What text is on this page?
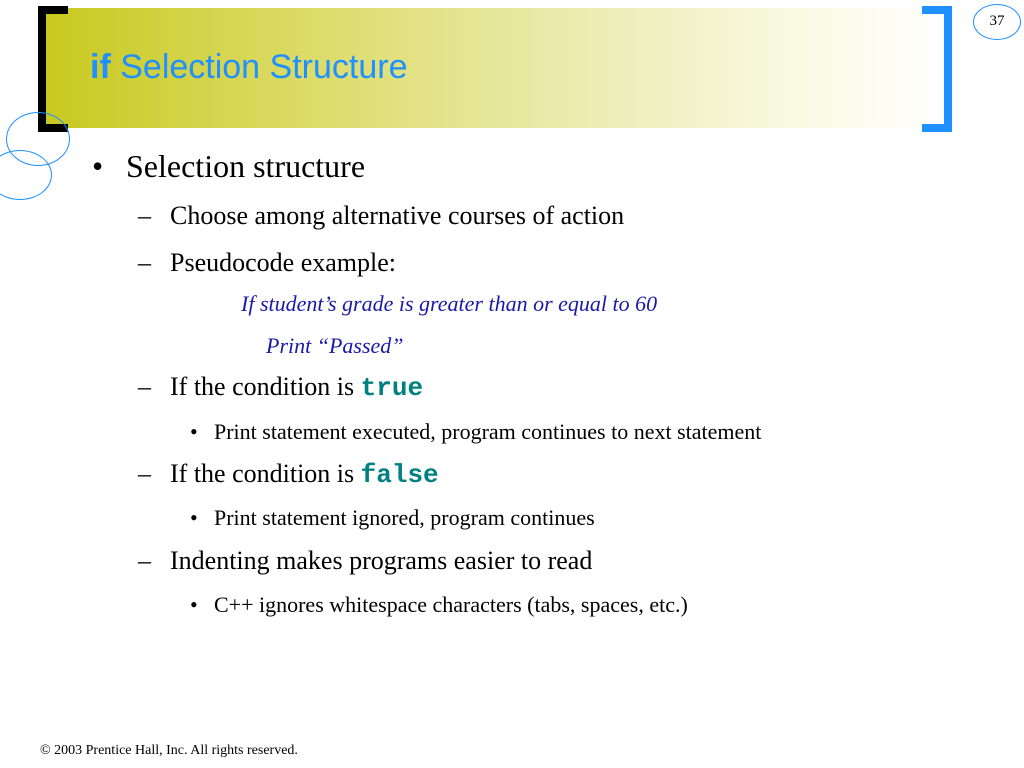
if Selection Structure
37
• Selection structure
– Choose among alternative courses of action
– Pseudocode example:
If student’s grade is greater than or equal to 60
Print “Passed”
– If the condition is true
• Print statement executed, program continues to next statement
– If the condition is false
• Print statement ignored, program continues
– Indenting makes programs easier to read
• C++ ignores whitespace characters (tabs, spaces, etc.)
© 2003 Prentice Hall, Inc. All rights reserved.
